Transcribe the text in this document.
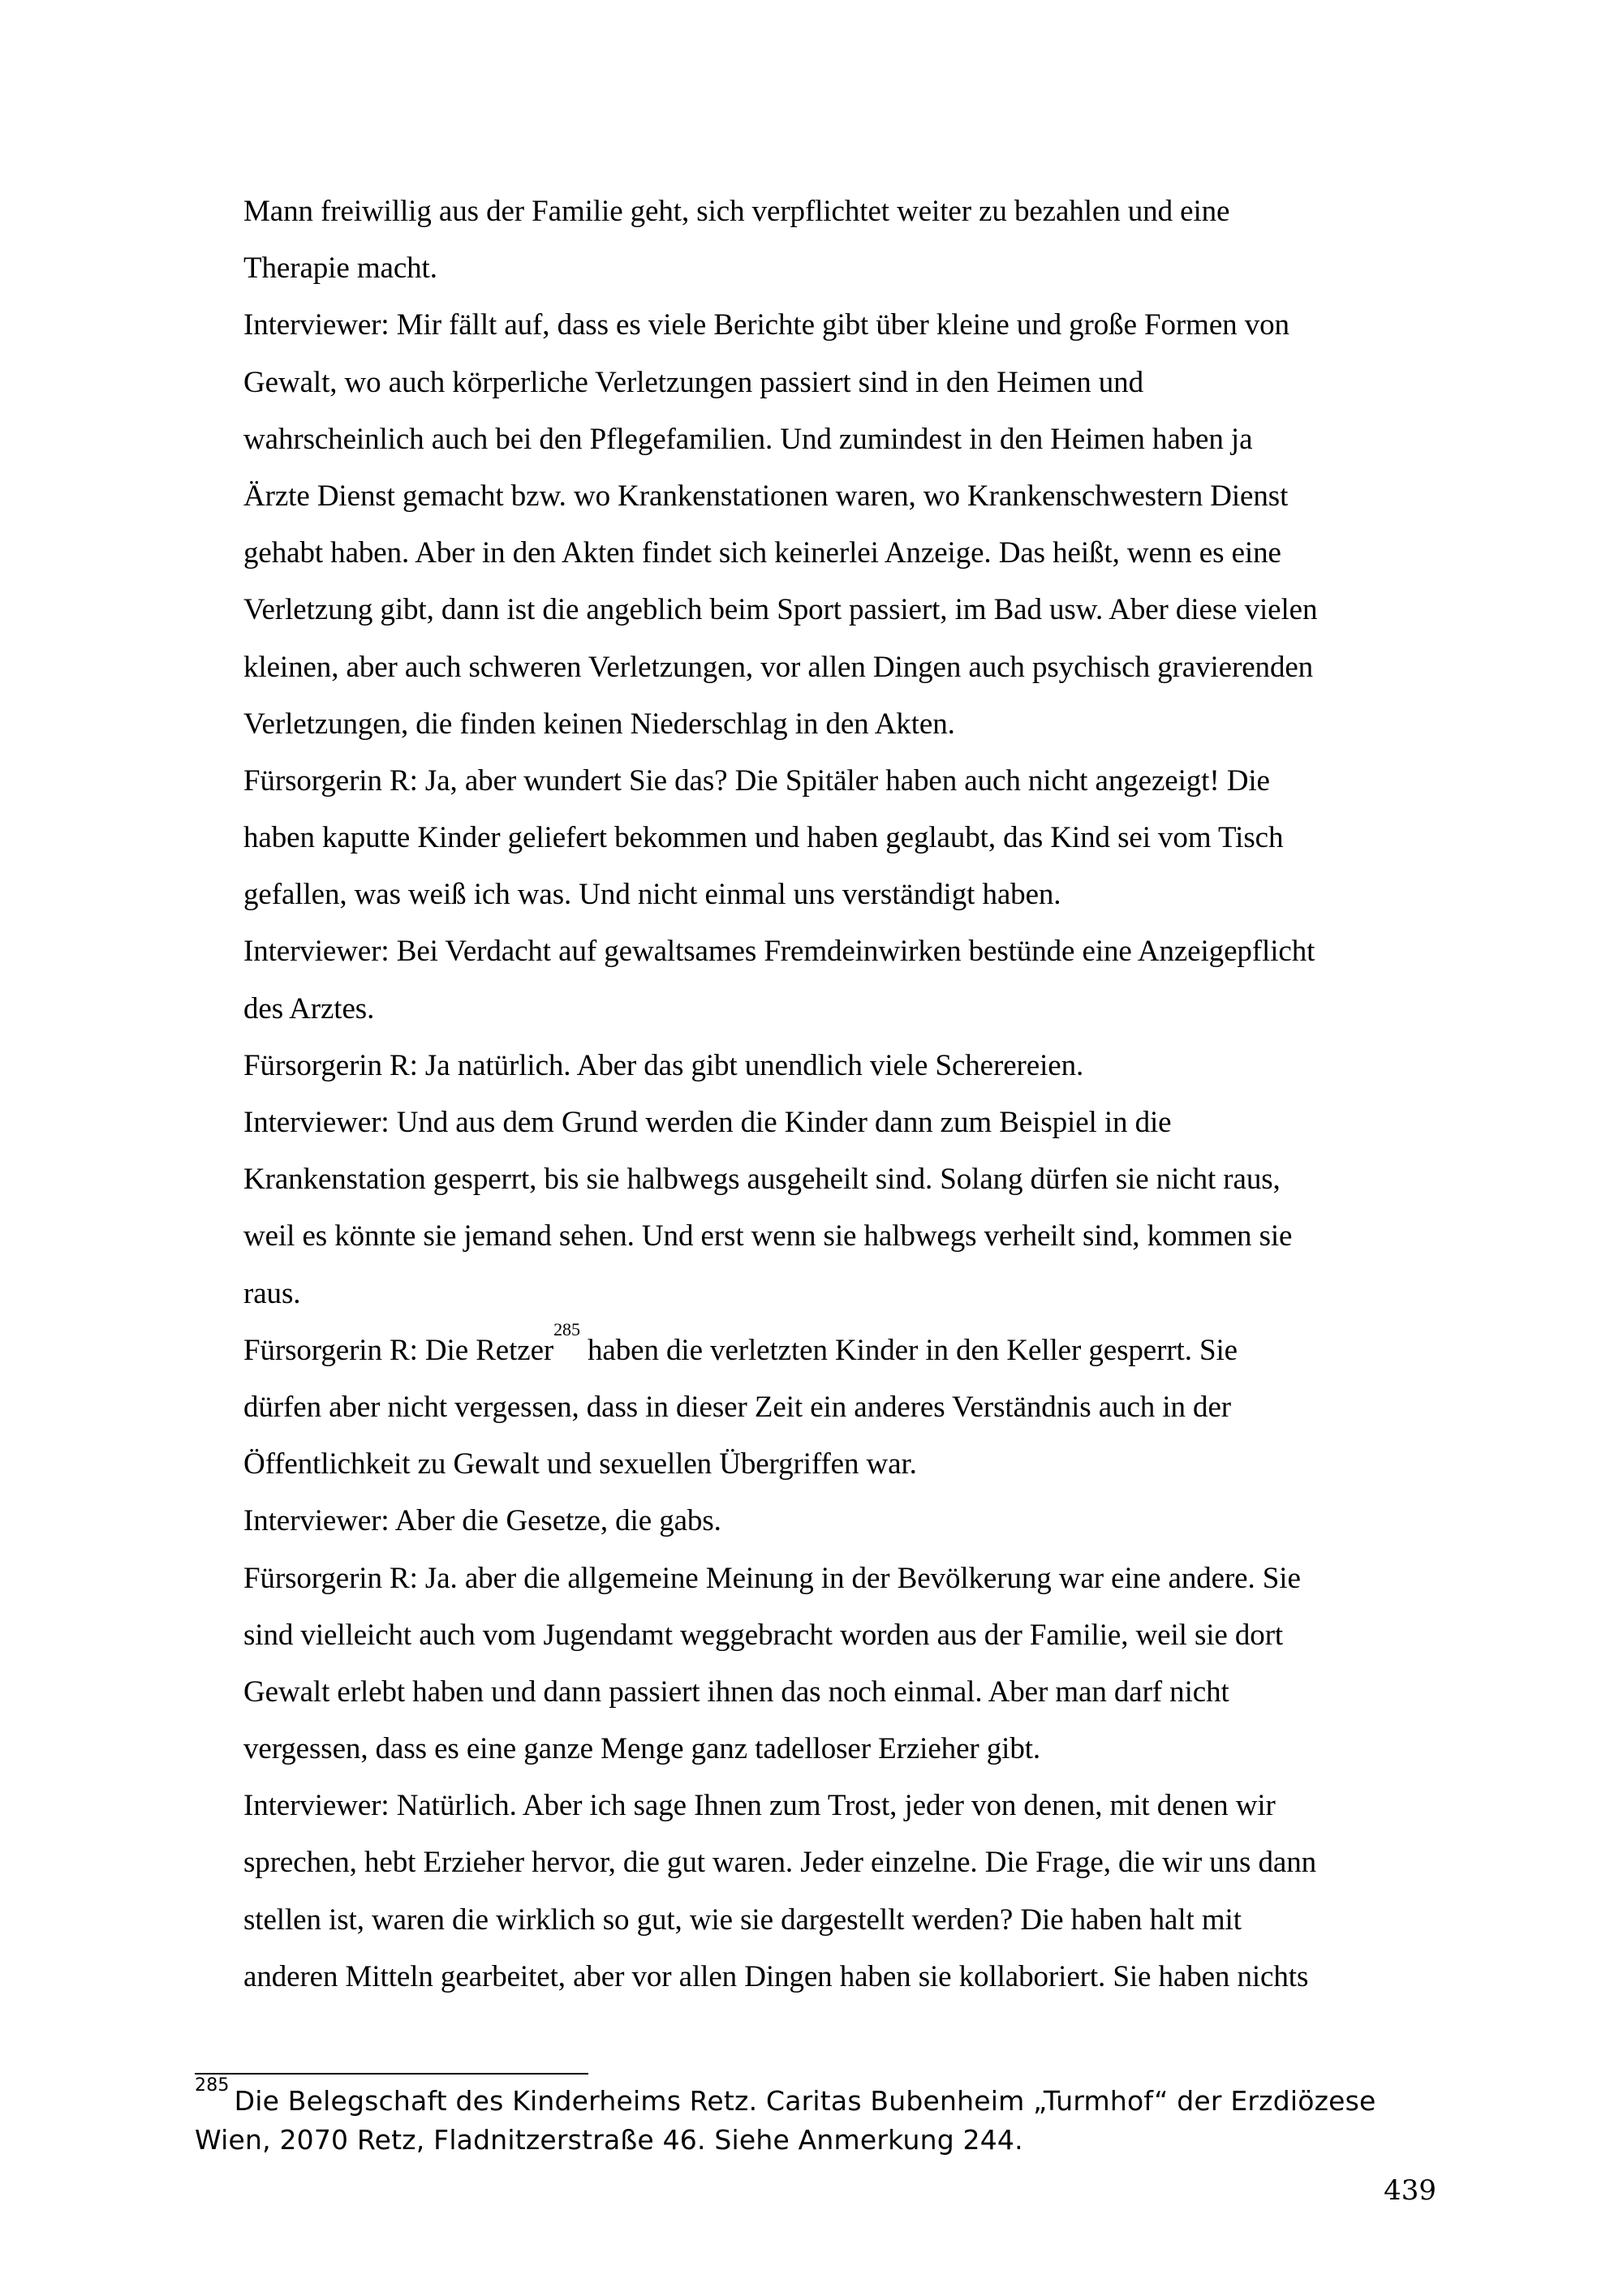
Mann freiwillig aus der Familie geht, sich verpflichtet weiter zu bezahlen und eine
Therapie macht.
Interviewer: Mir fällt auf, dass es viele Berichte gibt über kleine und große Formen von
Gewalt, wo auch körperliche Verletzungen passiert sind in den Heimen und
wahrscheinlich auch bei den Pflegefamilien. Und zumindest in den Heimen haben ja
Ärzte Dienst gemacht bzw. wo Krankenstationen waren, wo Krankenschwestern Dienst
gehabt haben. Aber in den Akten findet sich keinerlei Anzeige. Das heißt, wenn es eine
Verletzung gibt, dann ist die angeblich beim Sport passiert, im Bad usw. Aber diese vielen
kleinen, aber auch schweren Verletzungen, vor allen Dingen auch psychisch gravierenden
Verletzungen, die finden keinen Niederschlag in den Akten.
Fürsorgerin R: Ja, aber wundert Sie das? Die Spitäler haben auch nicht angezeigt! Die
haben kaputte Kinder geliefert bekommen und haben geglaubt, das Kind sei vom Tisch
gefallen, was weiß ich was. Und nicht einmal uns verständigt haben.
Interviewer: Bei Verdacht auf gewaltsames Fremdeinwirken bestünde eine Anzeigepflicht
des Arztes.
Fürsorgerin R: Ja natürlich. Aber das gibt unendlich viele Scherereien.
Interviewer: Und aus dem Grund werden die Kinder dann zum Beispiel in die
Krankenstation gesperrt, bis sie halbwegs ausgeheilt sind. Solang dürfen sie nicht raus,
weil es könnte sie jemand sehen. Und erst wenn sie halbwegs verheilt sind, kommen sie
raus.
Fürsorgerin R: Die Retzer$^{285}$ haben die verletzten Kinder in den Keller gesperrt. Sie
dürfen aber nicht vergessen, dass in dieser Zeit ein anderes Verständnis auch in der
Öffentlichkeit zu Gewalt und sexuellen Übergriffen war.
Interviewer: Aber die Gesetze, die gabs.
Fürsorgerin R: Ja. aber die allgemeine Meinung in der Bevölkerung war eine andere. Sie
sind vielleicht auch vom Jugendamt weggebracht worden aus der Familie, weil sie dort
Gewalt erlebt haben und dann passiert ihnen das noch einmal. Aber man darf nicht
vergessen, dass es eine ganze Menge ganz tadelloser Erzieher gibt.
Interviewer: Natürlich. Aber ich sage Ihnen zum Trost, jeder von denen, mit denen wir
sprechen, hebt Erzieher hervor, die gut waren. Jeder einzelne. Die Frage, die wir uns dann
stellen ist, waren die wirklich so gut, wie sie dargestellt werden? Die haben halt mit
anderen Mitteln gearbeitet, aber vor allen Dingen haben sie kollaboriert. Sie haben nichts
$^{285}$ Die Belegschaft des Kinderheims Retz. Caritas Bubenheim „Turmhof“ der Erzdiözese
Wien, 2070 Retz, Fladnitzerstraße 46. Siehe Anmerkung 244.
439
